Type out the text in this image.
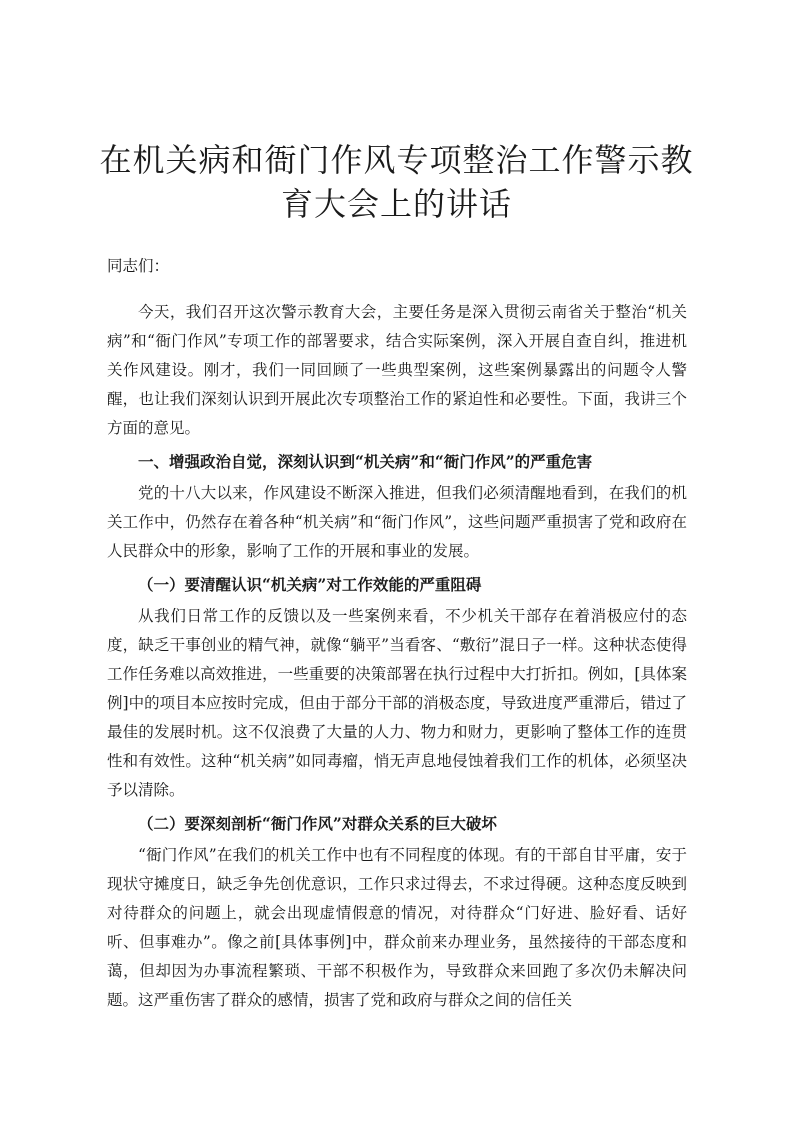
在机关病和衙门作风专项整治工作警示教育大会上的讲话

同志们：

今天，我们召开这次警示教育大会，主要任务是深入贯彻云南省关于整治“机关病”和“衙门作风”专项工作的部署要求，结合实际案例，深入开展自查自纠，推进机关作风建设。刚才，我们一同回顾了一些典型案例，这些案例暴露出的问题令人警醒，也让我们深刻认识到开展此次专项整治工作的紧迫性和必要性。下面，我讲三个方面的意见。

一、增强政治自觉，深刻认识到“机关病”和“衙门作风”的严重危害

党的十八大以来，作风建设不断深入推进，但我们必须清醒地看到，在我们的机关工作中，仍然存在着各种“机关病”和“衙门作风”，这些问题严重损害了党和政府在人民群众中的形象，影响了工作的开展和事业的发展。

（一）要清醒认识“机关病”对工作效能的严重阻碍

从我们日常工作的反馈以及一些案例来看，不少机关干部存在着消极应付的态度，缺乏干事创业的精气神，就像“躺平”当看客、“敷衍”混日子一样。这种状态使得工作任务难以高效推进，一些重要的决策部署在执行过程中大打折扣。例如，[具体案例]中的项目本应按时完成，但由于部分干部的消极态度，导致进度严重滞后，错过了最佳的发展时机。这不仅浪费了大量的人力、物力和财力，更影响了整体工作的连贯性和有效性。这种“机关病”如同毒瘤，悄无声息地侵蚀着我们工作的机体，必须坚决予以清除。

（二）要深刻剖析“衙门作风”对群众关系的巨大破坏

“衙门作风”在我们的机关工作中也有不同程度的体现。有的干部自甘平庸，安于现状守摊度日，缺乏争先创优意识，工作只求过得去，不求过得硬。这种态度反映到对待群众的问题上，就会出现虚情假意的情况，对待群众“门好进、脸好看、话好听、但事难办”。像之前[具体事例]中，群众前来办理业务，虽然接待的干部态度和蔼，但却因为办事流程繁琐、干部不积极作为，导致群众来回跑了多次仍未解决问题。这严重伤害了群众的感情，损害了党和政府与群众之间的信任关
